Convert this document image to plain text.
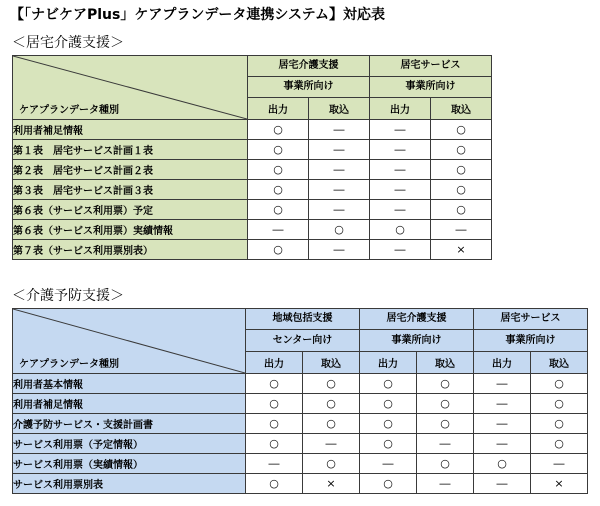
【「ナビケアPlus」ケアプランデータ連携システム】対応表
＜居宅介護支援＞
ケアプランデータ種別	居宅介護支援		居宅サービス	
	事業所向け		事業所向け	
	出力	取込	出力	取込
利用者補足情報	○	―	―	○
第１表　居宅サービス計画１表	○	―	―	○
第２表　居宅サービス計画２表	○	―	―	○
第３表　居宅サービス計画３表	○	―	―	○
第６表（サービス利用票）予定	○	―	―	○
第６表（サービス利用票）実績情報	―	○	○	―
第７表（サービス利用票別表）	○	―	―	×
＜介護予防支援＞
ケアプランデータ種別	地域包括支援		居宅介護支援		居宅サービス	
	センター向け		事業所向け		事業所向け	
	出力	取込	出力	取込	出力	取込
利用者基本情報	○	○	○	○	―	○
利用者補足情報	○	○	○	○	―	○
介護予防サービス・支援計画書	○	○	○	○	―	○
サービス利用票（予定情報）	○	―	○	―	―	○
サービス利用票（実績情報）	―	○	―	○	○	―
サービス利用票別表	○	×	○	―	―	×
